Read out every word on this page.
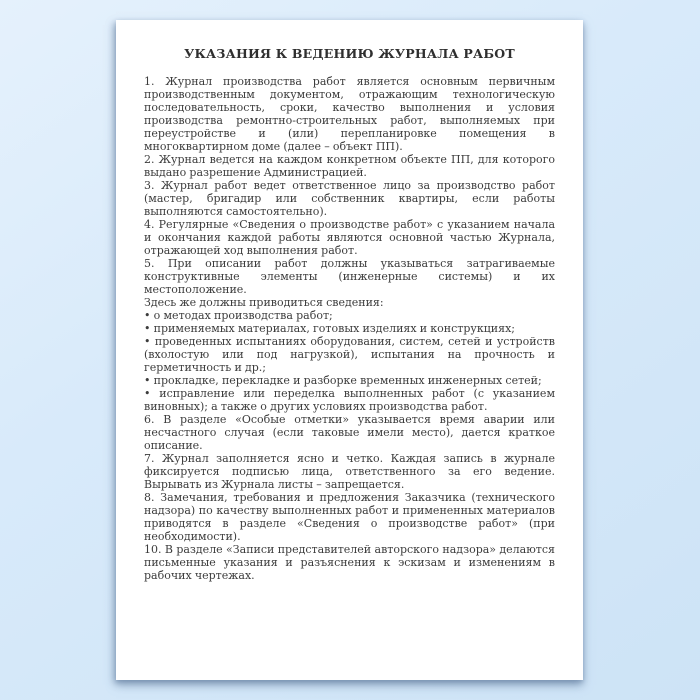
УКАЗАНИЯ К ВЕДЕНИЮ ЖУРНАЛА РАБОТ

1. Журнал производства работ является основным первичным производственным документом, отражающим технологическую последовательность, сроки, качество выполнения и условия производства ремонтно-строительных работ, выполняемых при переустройстве и (или) перепланировке помещения в многоквартирном доме (далее – объект ПП).

2. Журнал ведется на каждом конкретном объекте ПП, для которого выдано разрешение Администрацией.

3. Журнал работ ведет ответственное лицо за производство работ (мастер, бригадир или собственник квартиры, если работы выполняются самостоятельно).

4. Регулярные «Сведения о производстве работ» с указанием начала и окончания каждой работы являются основной частью Журнала, отражающей ход выполнения работ.

5. При описании работ должны указываться затрагиваемые конструктивные элементы (инженерные системы) и их местоположение.

Здесь же должны приводиться сведения:

• о методах производства работ;

• применяемых материалах, готовых изделиях и конструкциях;

• проведенных испытаниях оборудования, систем, сетей и устройств (вхолостую или под нагрузкой), испытания на прочность и герметичность и др.;

• прокладке, перекладке и разборке временных инженерных сетей;

• исправление или переделка выполненных работ (с указанием виновных); а также о других условиях производства работ.

6. В разделе «Особые отметки» указывается время аварии или несчастного случая (если таковые имели место), дается краткое описание.

7. Журнал заполняется ясно и четко. Каждая запись в журнале фиксируется подписью лица, ответственного за его ведение. Вырывать из Журнала листы – запрещается.

8. Замечания, требования и предложения Заказчика (технического надзора) по качеству выполненных работ и примененных материалов приводятся в разделе «Сведения о производстве работ» (при необходимости).

10. В разделе «Записи представителей авторского надзора» делаются письменные указания и разъяснения к эскизам и изменениям в рабочих чертежах.
